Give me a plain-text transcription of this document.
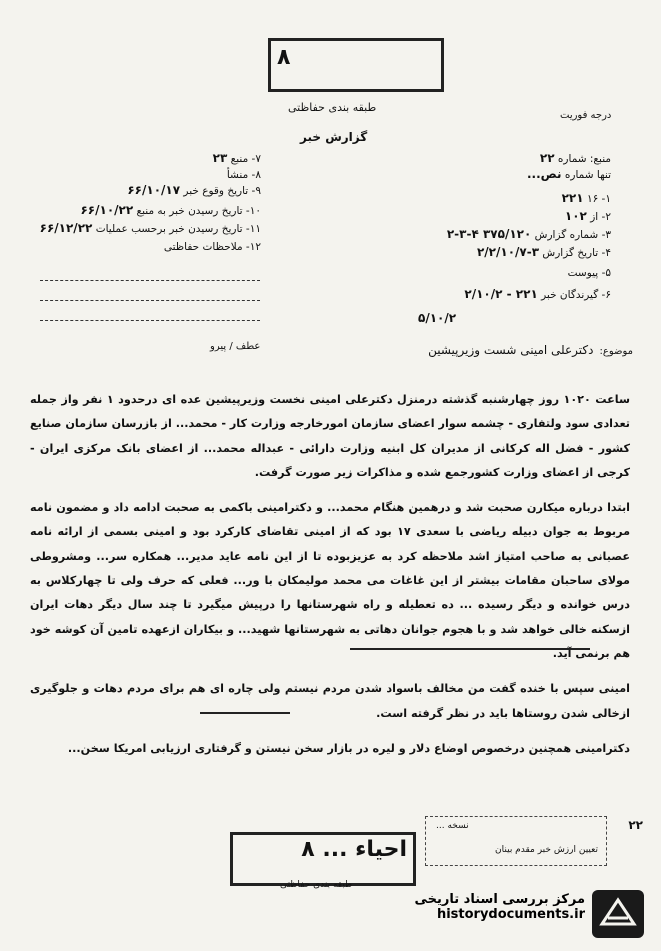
۸
طبقه بندی حفاظتی
درجه فوریت
گزارش خبر
منبع: شماره ۲۲
تنها شماره نص...
۱- ۱۶ ۲۲۱
۲- از ۱۰۲
۳- شماره گزارش ۳۷۵/۱۲۰ ۴-۳-۲
۴- تاریخ گزارش ۳-۲/۲/۱۰/۷
۵- پیوست
۶- گیرندگان خبر ۲۲۱ - ۲/۱۰/۲
۵/۱۰/۲
۷- منبع ۲۳
۸- منشأ
۹- تاریخ وقوع خبر ۶۶/۱۰/۱۷
۱۰- تاریخ رسیدن خبر به منبع ۶۶/۱۰/۲۲
۱۱- تاریخ رسیدن خبر برحسب عملیات ۶۶/۱۲/۲۲
۱۲- ملاحظات حفاظتی
عطف / پیرو	موضوع:دکترعلی امینی شست وزیرپیشین

ساعت ۱۰۲۰ روز چهارشنبه گذشته درمنزل دکترعلی امینی نخست وزیرپیشین عده ای درحدود ۱ نفر واز جمله تعدادی سود ولتفاری - چشمه سوار اعضای سازمان امورخارجه وزارت کار - محمد... از بازرسان سازمان صنایع کشور - فضل اله کرکانی از مدیران کل ابنیه وزارت دارائی - عبداله محمد... از اعضای بانک مرکزی ایران - کرجی از اعضای وزارت کشورجمع شده و مذاکرات زیر صورت گرفت.

ابتدا درباره میکارن صحبت شد و درهمین هنگام محمد... و دکترامینی باکمی به صحبت ادامه داد و مضمون نامه مربوط به جوان دبیله ریاضی با سعدی ۱۷ بود که از امینی تقاضای کارکرد بود و امینی بسمی از ارائه نامه عصبانی به صاحب امتیاز اشد ملاحظه کرد به عزیزبوده تا از این نامه عاید مدیر... همکاره سر... ومشروطی مولای ساحبان مقامات بیشتر از این غاغات می محمد مولیمکان با ور... فعلی که حرف ولی تا چهارکلاس به درس خوانده و دیگر رسیده ... ده تعطیله و راه شهرستانها را درپیش میگیرد تا چند سال دیگر دهات ایران ازسکنه خالی خواهد شد و با هجوم جوانان دهاتی به شهرستانها شهید... و بیکاران ازعهده تامین آن کوشه خود هم برنمی آید.

امینی سپس با خنده گفت من مخالف باسواد شدن مردم نیستم ولی چاره ای هم برای مردم دهات و جلوگیری ازخالی شدن روستاها باید در نظر گرفته است.

دکترامینی همچنین درخصوص اوضاع دلار و لیره در بازار سخن نیستن و گرفتاری ارزیابی امریکا سخن...

۲۲
نسخه ...
تعیین ارزش خبر مقدم بینان
احیاء ... ۸
طبقه بندی حفاظتی
مرکز بررسی اسناد تاریخی
historydocuments.ir
